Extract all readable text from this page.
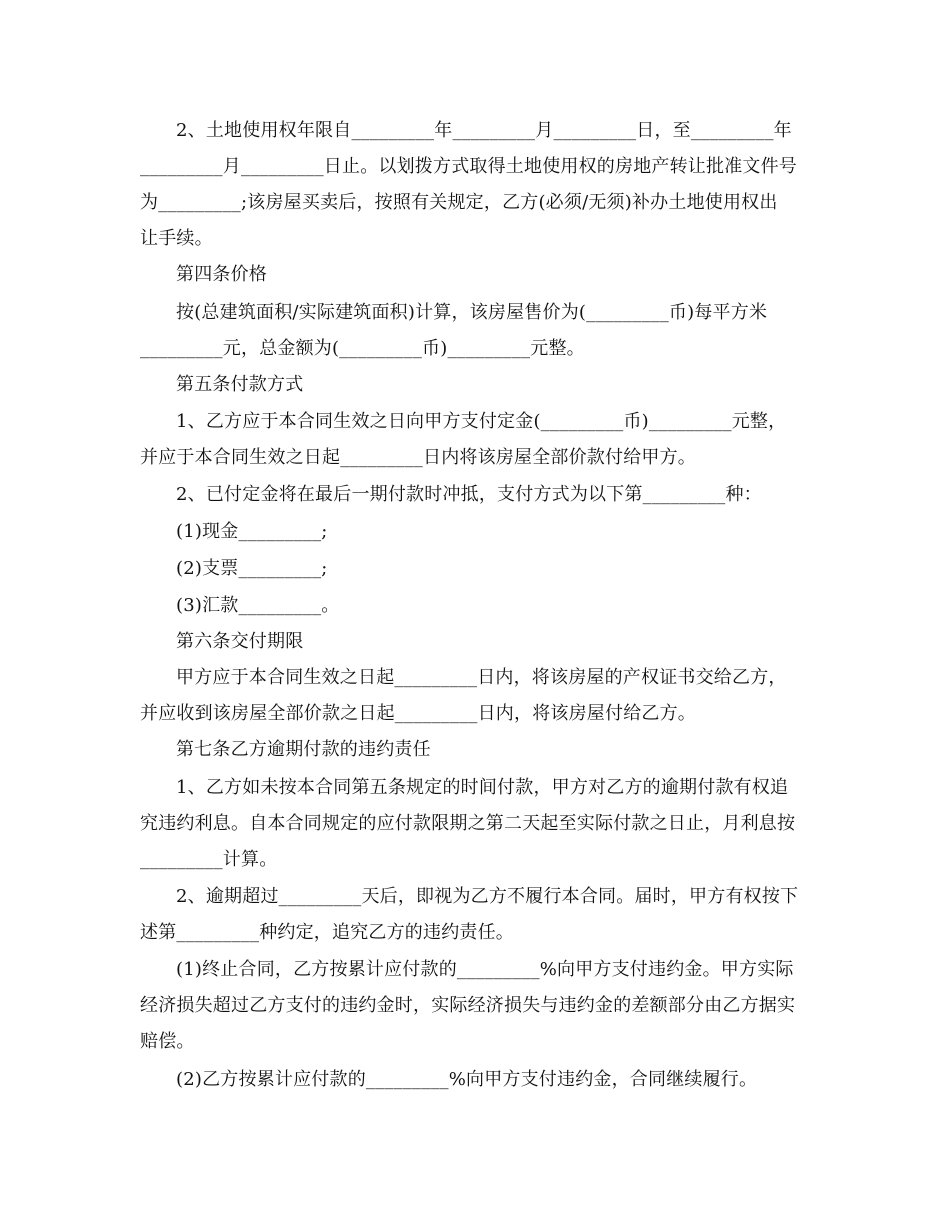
2、土地使用权年限自_________年_________月_________日，至_________年
_________月_________日止。以划拨方式取得土地使用权的房地产转让批准文件号
为_________;该房屋买卖后，按照有关规定，乙方(必须/无须)补办土地使用权出
让手续。
第四条价格
按(总建筑面积/实际建筑面积)计算，该房屋售价为(_________币)每平方米
_________元，总金额为(_________币)_________元整。
第五条付款方式
1、乙方应于本合同生效之日向甲方支付定金(_________币)_________元整，
并应于本合同生效之日起_________日内将该房屋全部价款付给甲方。
2、已付定金将在最后一期付款时冲抵，支付方式为以下第_________种：
(1)现金_________;
(2)支票_________;
(3)汇款_________。
第六条交付期限
甲方应于本合同生效之日起_________日内，将该房屋的产权证书交给乙方，
并应收到该房屋全部价款之日起_________日内，将该房屋付给乙方。
第七条乙方逾期付款的违约责任
1、乙方如未按本合同第五条规定的时间付款，甲方对乙方的逾期付款有权追
究违约利息。自本合同规定的应付款限期之第二天起至实际付款之日止，月利息按
_________计算。
2、逾期超过_________天后，即视为乙方不履行本合同。届时，甲方有权按下
述第_________种约定，追究乙方的违约责任。
(1)终止合同，乙方按累计应付款的_________%向甲方支付违约金。甲方实际
经济损失超过乙方支付的违约金时，实际经济损失与违约金的差额部分由乙方据实
赔偿。
(2)乙方按累计应付款的_________%向甲方支付违约金，合同继续履行。
